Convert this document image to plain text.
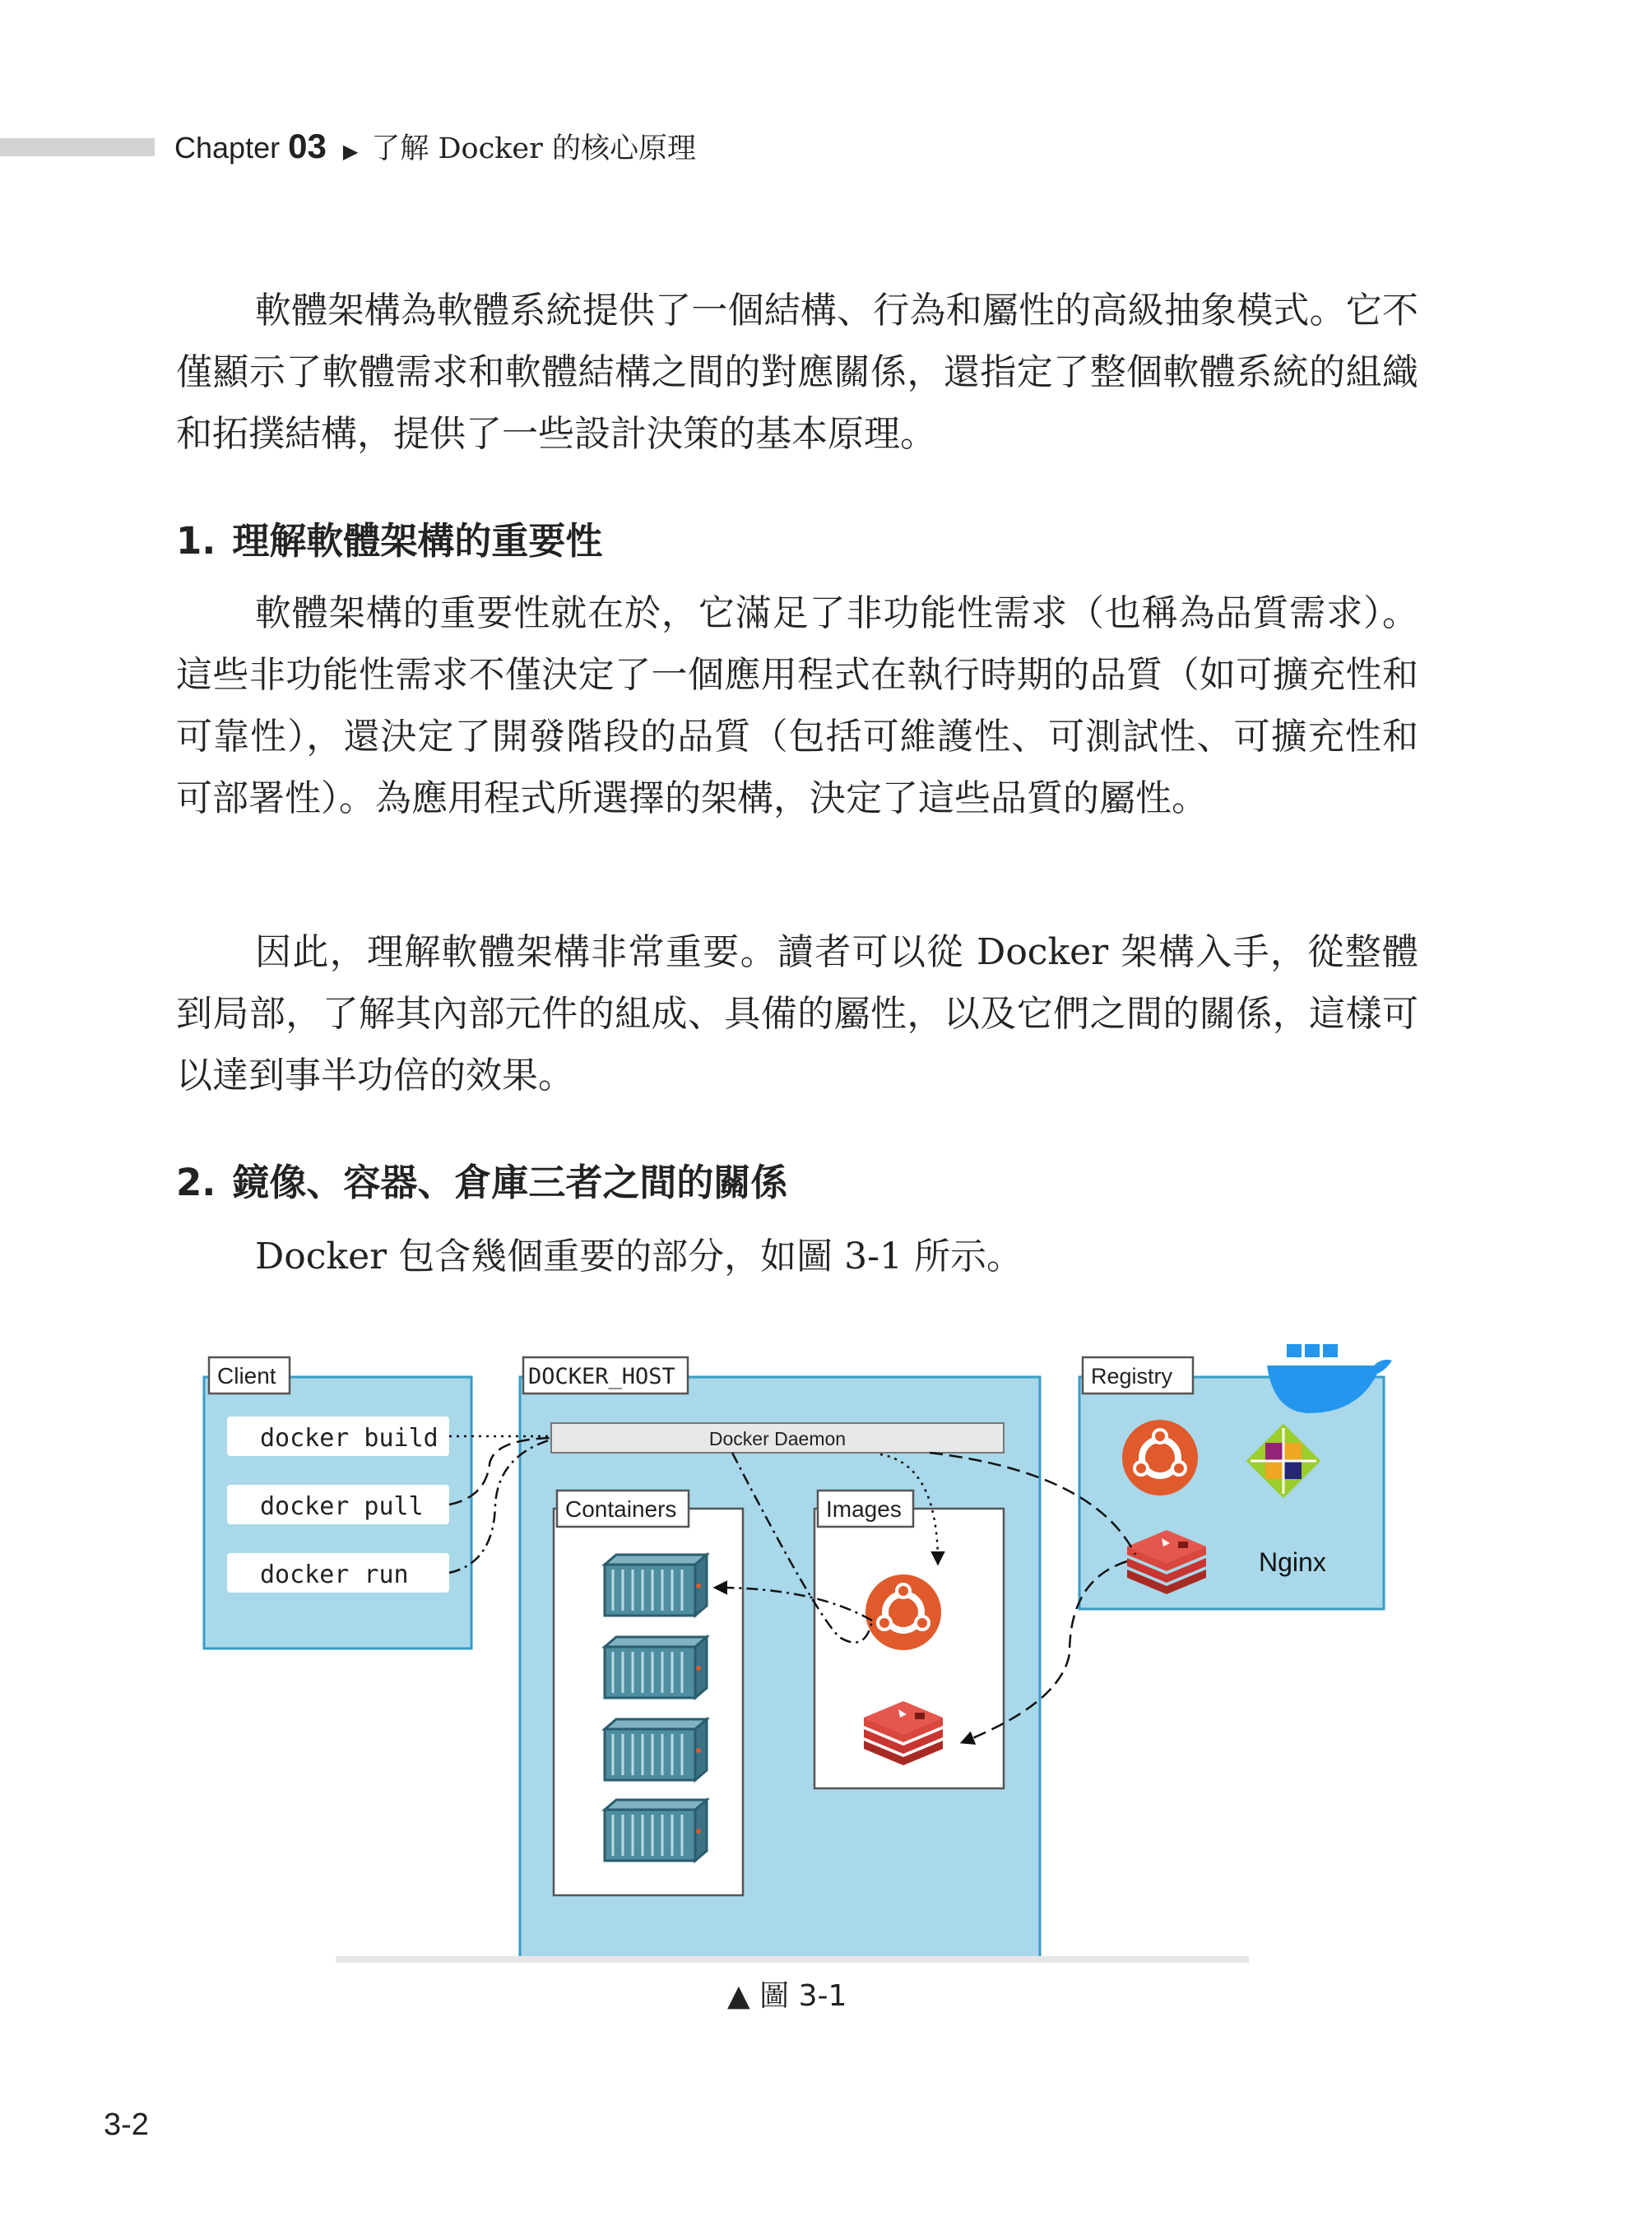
Chapter 03 ▶ 了解 Docker 的核心原理

軟體架構為軟體系統提供了一個結構、行為和屬性的高級抽象模式。它不僅顯示了軟體需求和軟體結構之間的對應關係，還指定了整個軟體系統的組織和拓撲結構，提供了一些設計決策的基本原理。

1. 理解軟體架構的重要性

軟體架構的重要性就在於，它滿足了非功能性需求（也稱為品質需求）。這些非功能性需求不僅決定了一個應用程式在執行時期的品質（如可擴充性和可靠性），還決定了開發階段的品質（包括可維護性、可測試性、可擴充性和可部署性）。為應用程式所選擇的架構，決定了這些品質的屬性。

因此，理解軟體架構非常重要。讀者可以從 Docker 架構入手，從整體到局部，了解其內部元件的組成、具備的屬性，以及它們之間的關係，這樣可以達到事半功倍的效果。

2. 鏡像、容器、倉庫三者之間的關係

Docker 包含幾個重要的部分，如圖 3-1 所示。

Client
docker build
docker pull
docker run
DOCKER_HOST
Docker Daemon
Containers	Images
Registry
Nginx
▲ 圖 3-1
3-2
